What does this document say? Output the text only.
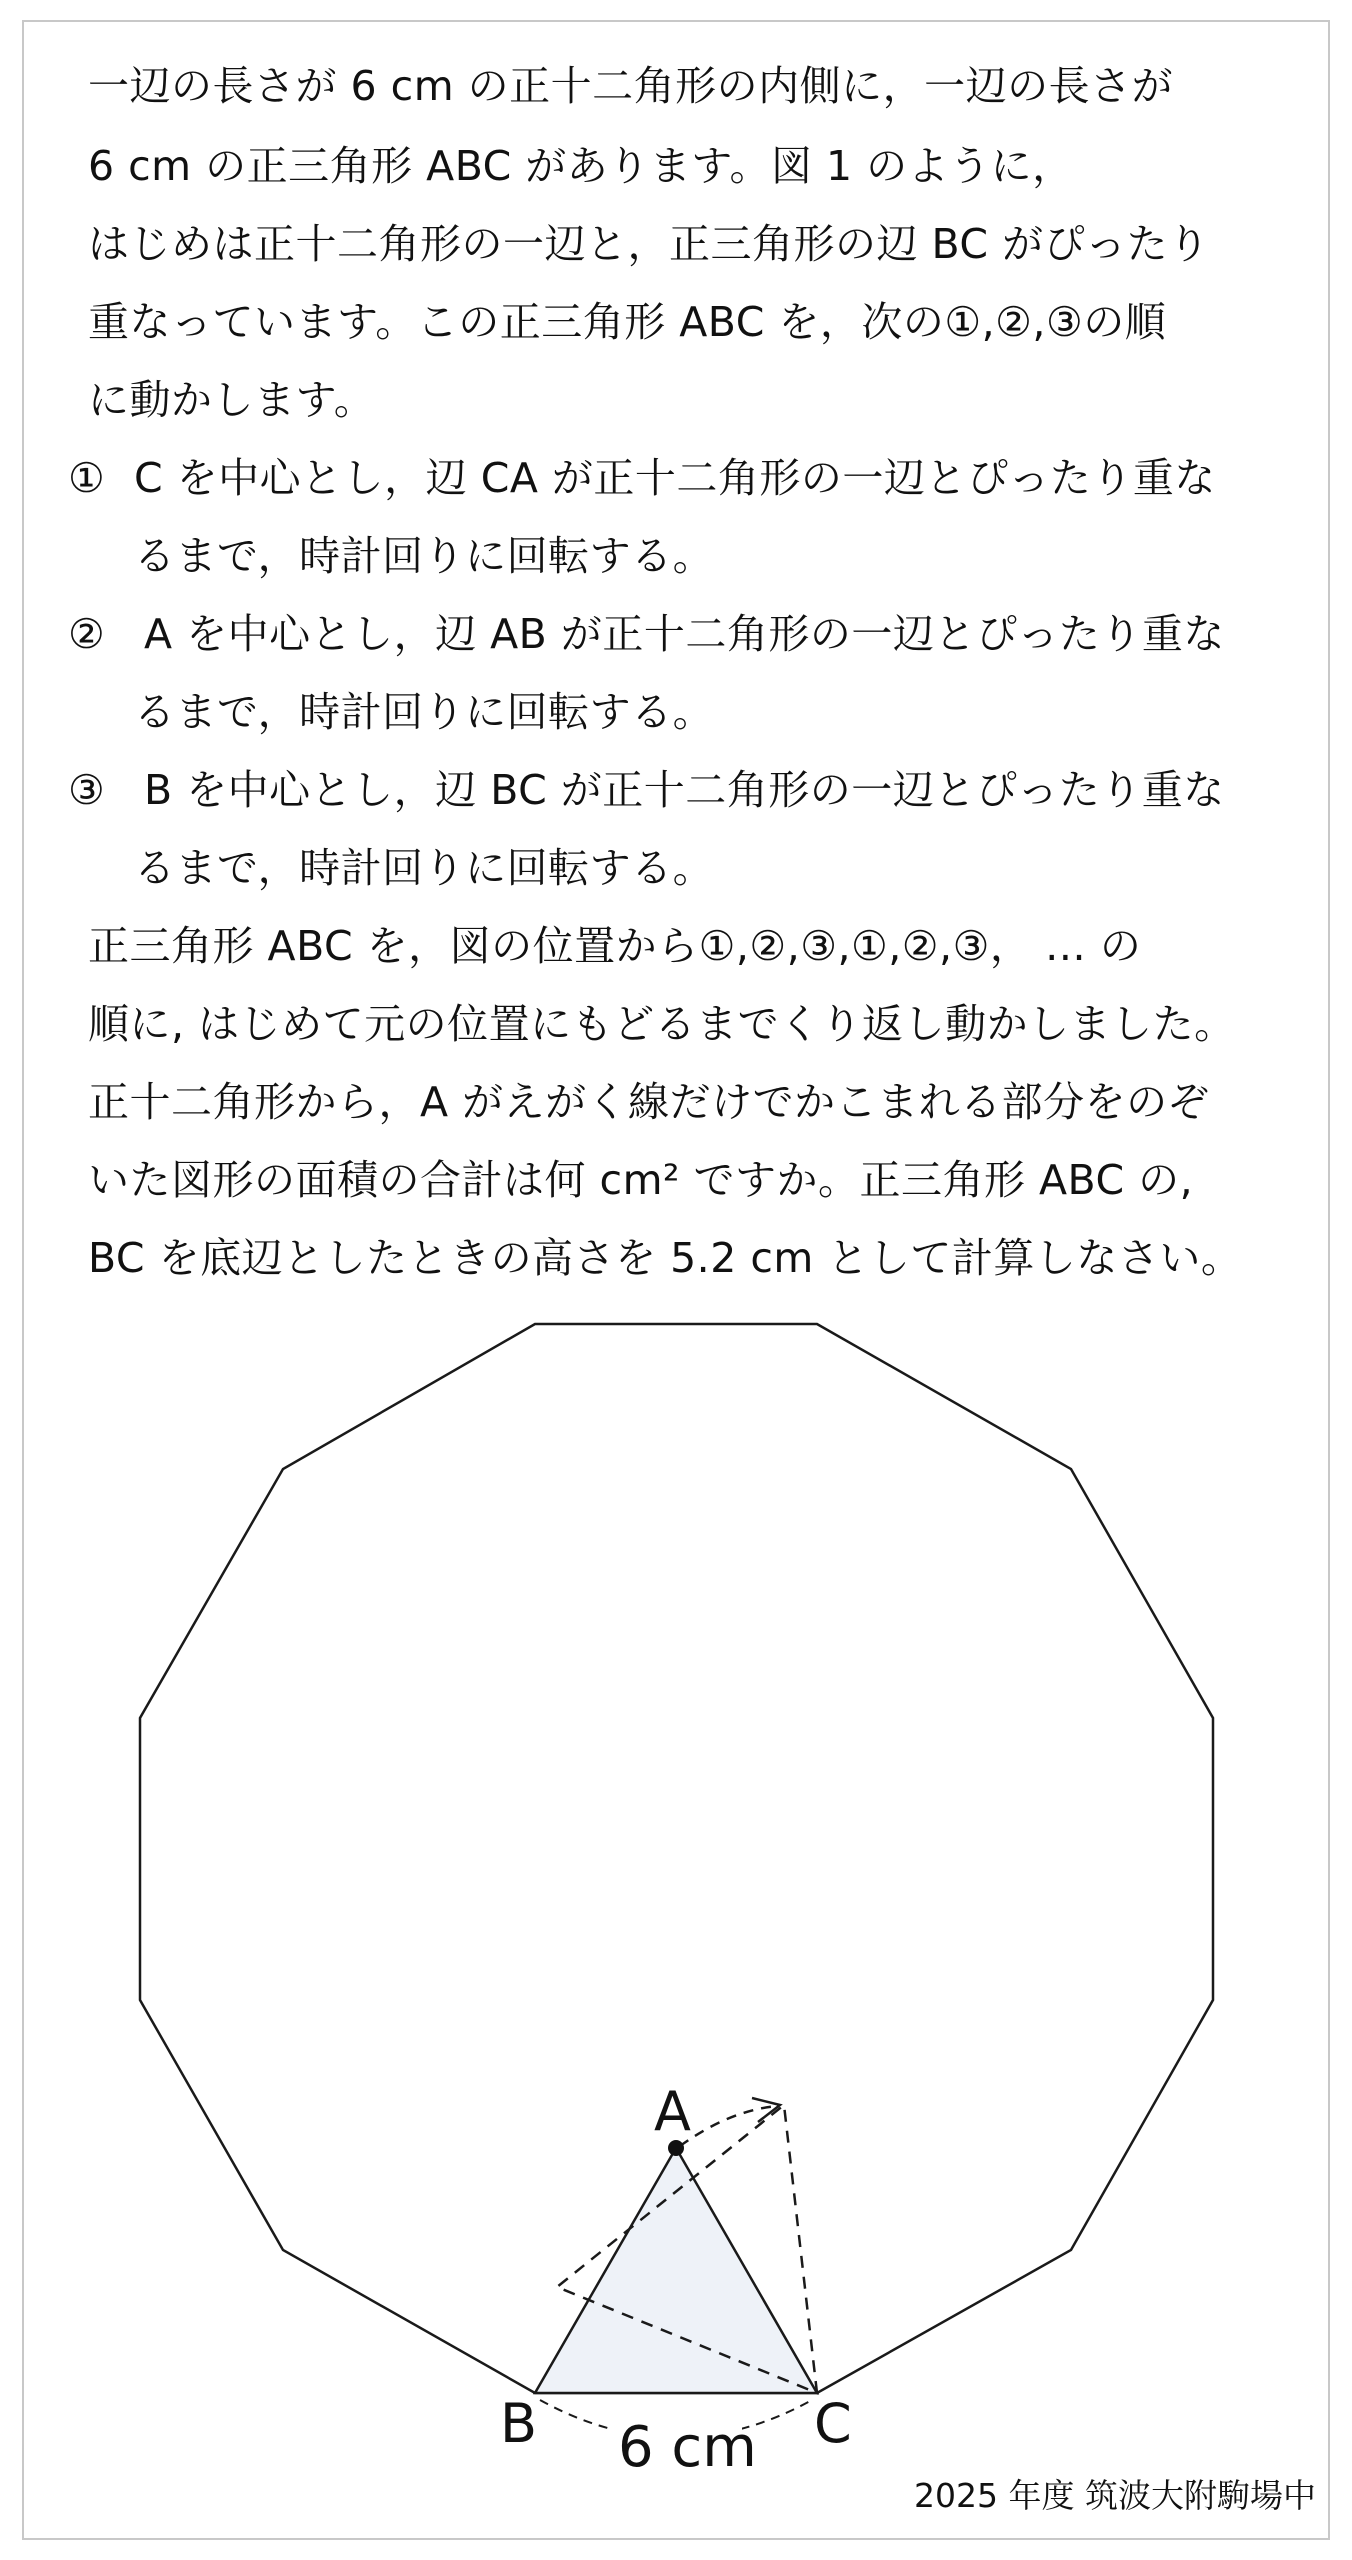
一辺の長さが 6 cm の正十二角形の内側に，一辺の長さが
6 cm の正三角形 ABC があります。図 1 のように，
はじめは正十二角形の一辺と，正三角形の辺 BC がぴったり
重なっています。この正三角形 ABC を，次の①,②,③の順
に動かします。
① C を中心とし，辺 CA が正十二角形の一辺とぴったり重な
るまで，時計回りに回転する。
② A を中心とし，辺 AB が正十二角形の一辺とぴったり重な
るまで，時計回りに回転する。
③ B を中心とし，辺 BC が正十二角形の一辺とぴったり重な
るまで，時計回りに回転する。
正三角形 ABC を，図の位置から①,②,③,①,②,③， … の
順に, はじめて元の位置にもどるまでくり返し動かしました。
正十二角形から，A がえがく線だけでかこまれる部分をのぞ
いた図形の面積の合計は何 cm² ですか。正三角形 ABC の,
BC を底辺としたときの高さを 5.2 cm として計算しなさい。
A
B	C
6 cm
2025 年度 筑波大附駒場中
